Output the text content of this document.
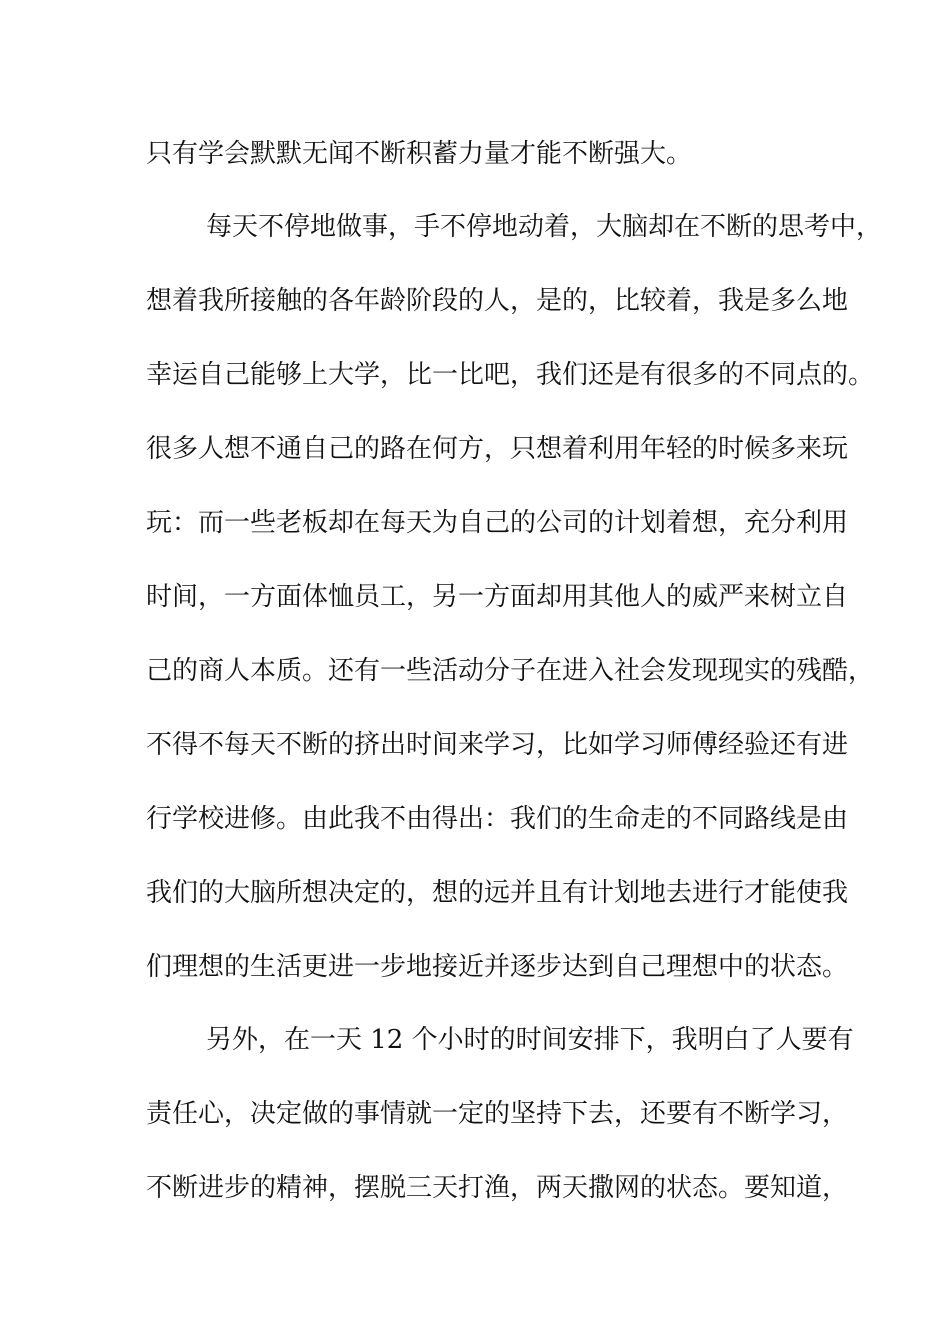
只有学会默默无闻不断积蓄力量才能不断强大。
每天不停地做事，手不停地动着，大脑却在不断的思考中，
想着我所接触的各年龄阶段的人，是的，比较着，我是多么地
幸运自己能够上大学，比一比吧，我们还是有很多的不同点的。
很多人想不通自己的路在何方，只想着利用年轻的时候多来玩
玩：而一些老板却在每天为自己的公司的计划着想，充分利用
时间，一方面体恤员工，另一方面却用其他人的威严来树立自
己的商人本质。还有一些活动分子在进入社会发现现实的残酷，
不得不每天不断的挤出时间来学习，比如学习师傅经验还有进
行学校进修。由此我不由得出：我们的生命走的不同路线是由
我们的大脑所想决定的，想的远并且有计划地去进行才能使我
们理想的生活更进一步地接近并逐步达到自己理想中的状态。
另外，在一天 12 个小时的时间安排下，我明白了人要有
责任心，决定做的事情就一定的坚持下去，还要有不断学习，
不断进步的精神，摆脱三天打渔，两天撒网的状态。要知道，
